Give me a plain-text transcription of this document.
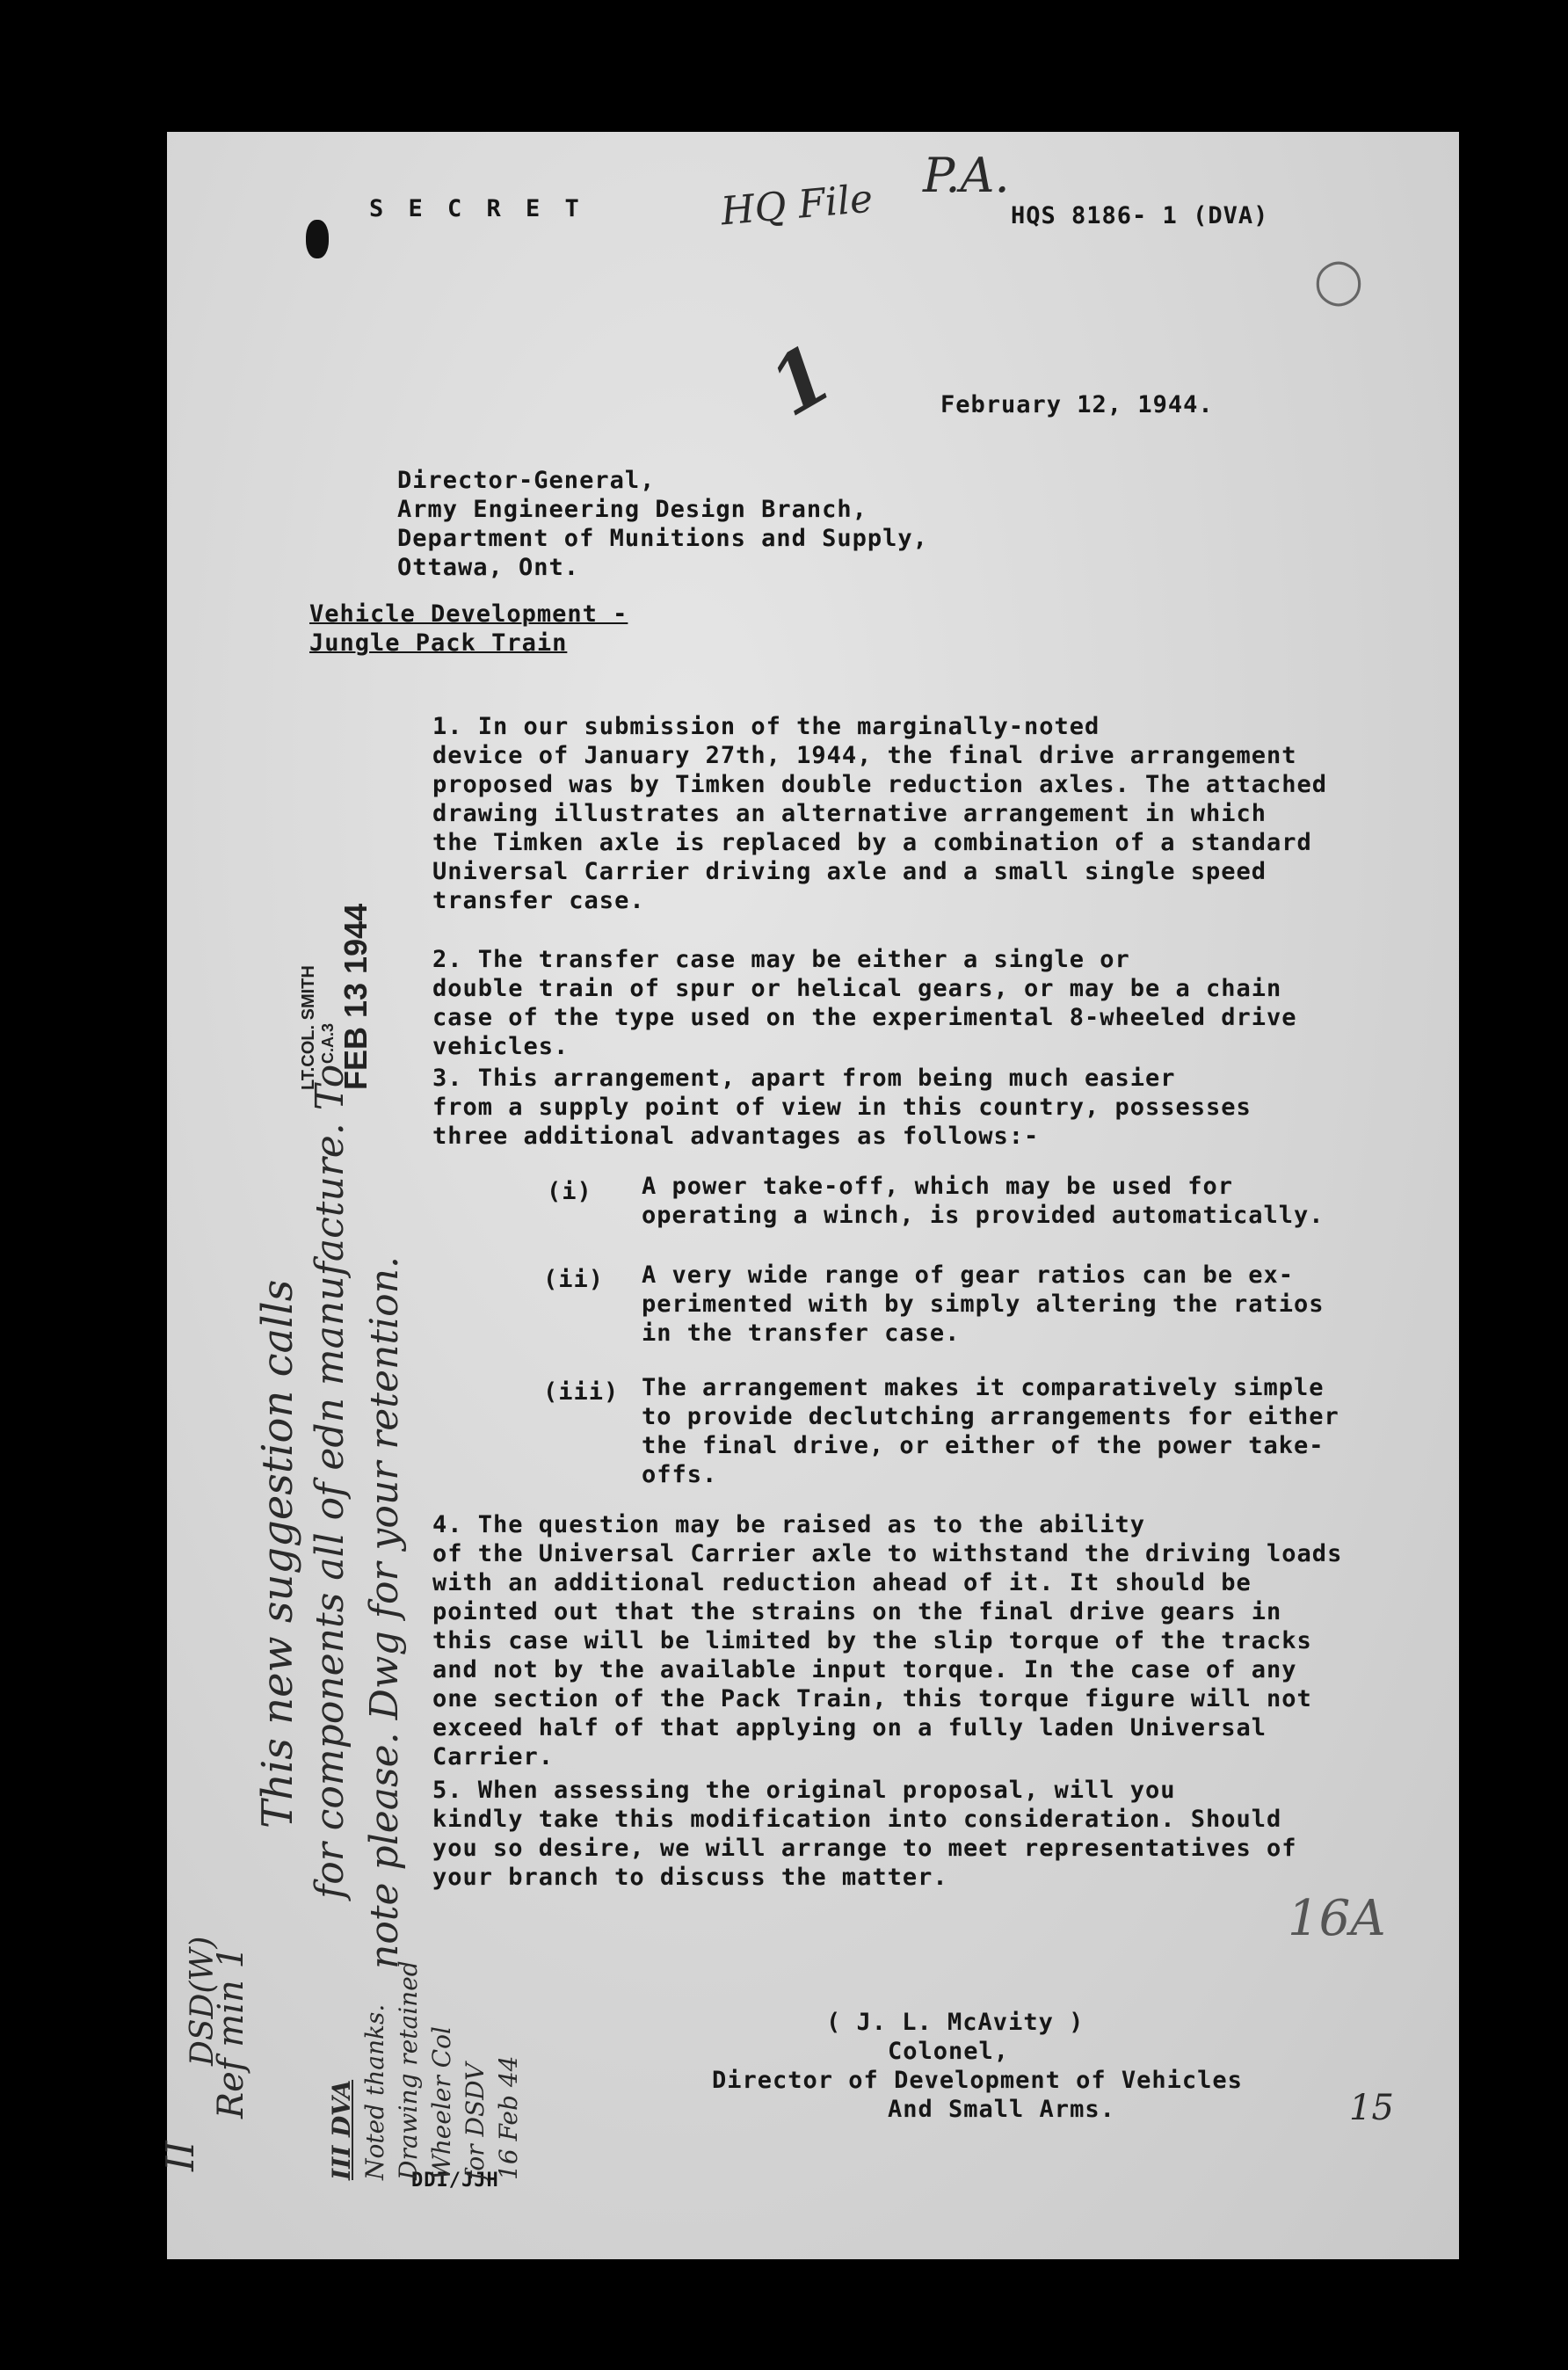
S E C R E T	HQ File
P.A.
HQS 8186- 1 (DVA)
1	February 12, 1944.
Director-General,
Army Engineering Design Branch,
Department of Munitions and Supply,
Ottawa, Ont.
Vehicle Development -
Jungle Pack Train
1. In our submission of the marginally-noted
device of January 27th, 1944, the final drive arrangement
proposed was by Timken double reduction axles. The attached
drawing illustrates an alternative arrangement in which
the Timken axle is replaced by a combination of a standard
Universal Carrier driving axle and a small single speed
transfer case.
2. The transfer case may be either a single or
double train of spur or helical gears, or may be a chain
case of the type used on the experimental 8-wheeled drive
vehicles.
3. This arrangement, apart from being much easier
from a supply point of view in this country, possesses
three additional advantages as follows:-
(i) A power take-off, which may be used for
operating a winch, is provided automatically.
(ii) A very wide range of gear ratios can be ex-
perimented with by simply altering the ratios
in the transfer case.
(iii) The arrangement makes it comparatively simple
to provide declutching arrangements for either
the final drive, or either of the power take-
offs.
4. The question may be raised as to the ability
of the Universal Carrier axle to withstand the driving loads
with an additional reduction ahead of it. It should be
pointed out that the strains on the final drive gears in
this case will be limited by the slip torque of the tracks
and not by the available input torque. In the case of any
one section of the Pack Train, this torque figure will not
exceed half of that applying on a fully laden Universal
Carrier.
5. When assessing the original proposal, will you
kindly take this modification into consideration. Should
you so desire, we will arrange to meet representatives of
your branch to discuss the matter.
( J. L. McAvity )
Colonel,
Director of Development of Vehicles
And Small Arms.
DDI/JJH
LT.COL. SMITH C.A.3 FEB 13 1944
This new suggestion calls for components all of edn manufacture. To note please. Dwg for your retention.
Ref min 1
DSD(W)
II	III DVA Noted thanks. Drawing retained Wheeler Col for DSDV 16 Feb 44
16A
15
◯
